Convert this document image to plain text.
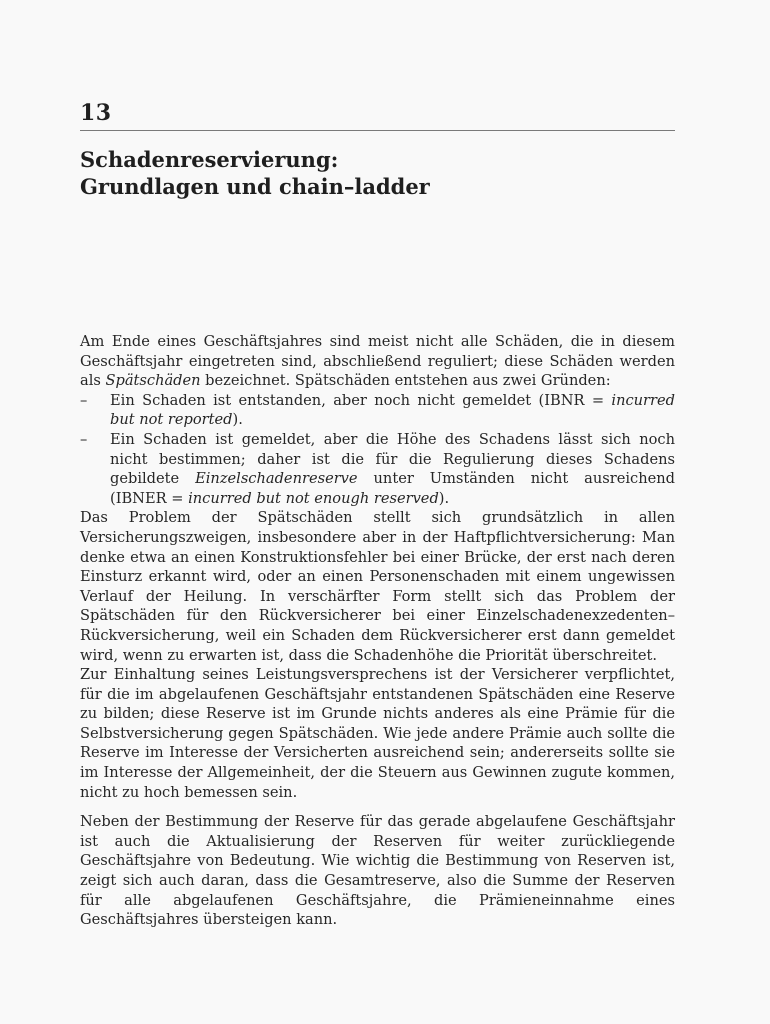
13
Schadenreservierung:
Grundlagen und chain–ladder

Am Ende eines Geschäftsjahres sind meist nicht alle Schäden, die in diesem Geschäftsjahr eingetreten sind, abschließend reguliert; diese Schäden werden als Spätschäden bezeichnet. Spätschäden entstehen aus zwei Gründen:

–	Ein Schaden ist entstanden, aber noch nicht gemeldet (IBNR = incurred but not reported).
–	Ein Schaden ist gemeldet, aber die Höhe des Schadens lässt sich noch nicht bestimmen; daher ist die für die Regulierung dieses Schadens gebildete Einzelschadenreserve unter Umständen nicht ausreichend (IBNER = incurred but not enough reserved).

Das Problem der Spätschäden stellt sich grundsätzlich in allen Versicherungszweigen, insbesondere aber in der Haftpflichtversicherung: Man denke etwa an einen Konstruktionsfehler bei einer Brücke, der erst nach deren Einsturz erkannt wird, oder an einen Personenschaden mit einem ungewissen Verlauf der Heilung. In verschärfter Form stellt sich das Problem der Spätschäden für den Rückversicherer bei einer Einzelschadenexzedenten–Rückversicherung, weil ein Schaden dem Rückversicherer erst dann gemeldet wird, wenn zu erwarten ist, dass die Schadenhöhe die Priorität überschreitet.

Zur Einhaltung seines Leistungsversprechens ist der Versicherer verpflichtet, für die im abgelaufenen Geschäftsjahr entstandenen Spätschäden eine Reserve zu bilden; diese Reserve ist im Grunde nichts anderes als eine Prämie für die Selbstversicherung gegen Spätschäden. Wie jede andere Prämie auch sollte die Reserve im Interesse der Versicherten ausreichend sein; andererseits sollte sie im Interesse der Allgemeinheit, der die Steuern aus Gewinnen zugute kommen, nicht zu hoch bemessen sein.

Neben der Bestimmung der Reserve für das gerade abgelaufene Geschäftsjahr ist auch die Aktualisierung der Reserven für weiter zurückliegende Geschäftsjahre von Bedeutung. Wie wichtig die Bestimmung von Reserven ist, zeigt sich auch daran, dass die Gesamtreserve, also die Summe der Reserven für alle abgelaufenen Geschäftsjahre, die Prämieneinnahme eines Geschäftsjahres übersteigen kann.
